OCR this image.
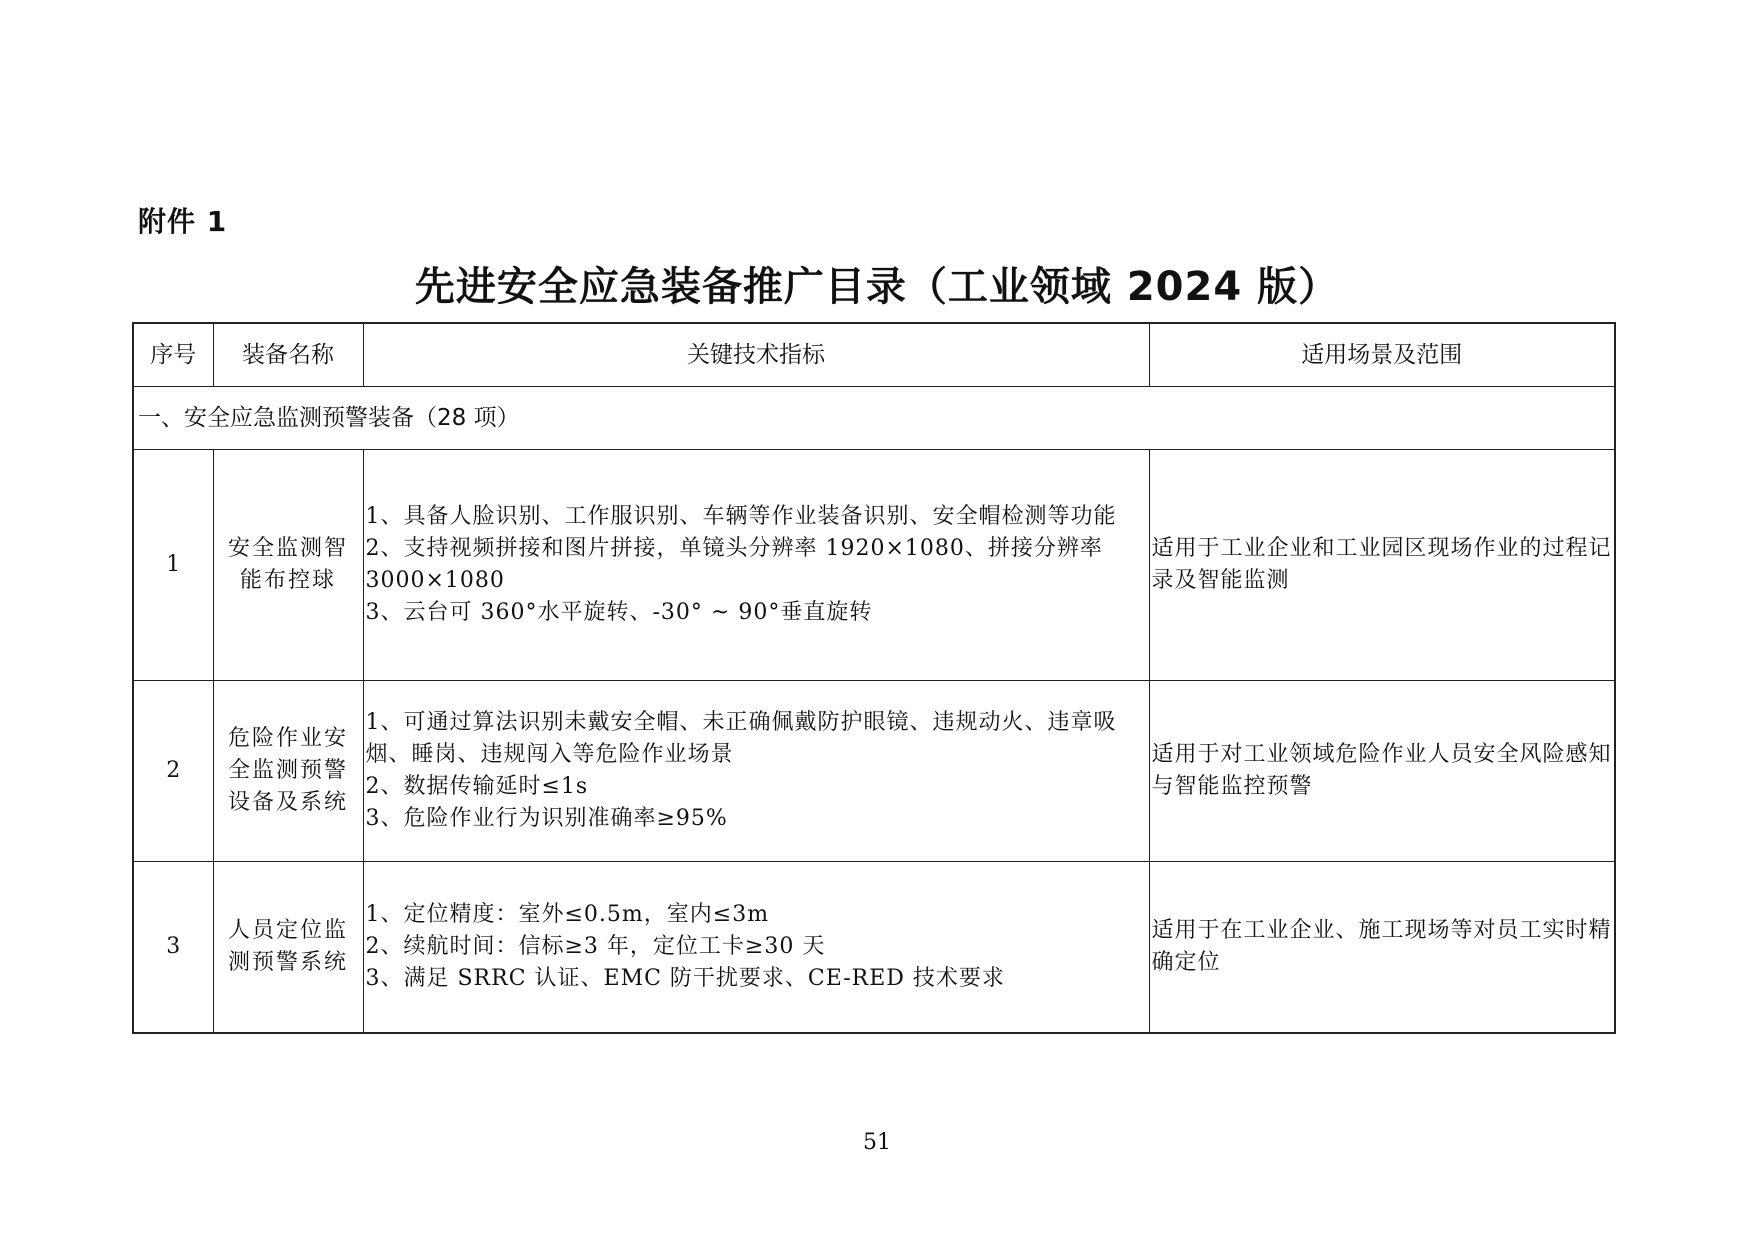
附件 1
先进安全应急装备推广目录（工业领域 2024 版）
序号	装备名称	关键技术指标	适用场景及范围
一、安全应急监测预警装备（28 项）			
1	安全监测智能布控球	1、具备人脸识别、工作服识别、车辆等作业装备识别、安全帽检测等功能
2、支持视频拼接和图片拼接，单镜头分辨率 1920×1080、拼接分辨率 3000×1080
3、云台可 360°水平旋转、-30° ~ 90°垂直旋转	适用于工业企业和工业园区现场作业的过程记录及智能监测
2	危险作业安全监测预警设备及系统	1、可通过算法识别未戴安全帽、未正确佩戴防护眼镜、违规动火、违章吸烟、睡岗、违规闯入等危险作业场景
2、数据传输延时≤1s
3、危险作业行为识别准确率≥95%	适用于对工业领域危险作业人员安全风险感知与智能监控预警
3	人员定位监测预警系统	1、定位精度：室外≤0.5m，室内≤3m
2、续航时间：信标≥3 年，定位工卡≥30 天
3、满足 SRRC 认证、EMC 防干扰要求、CE-RED 技术要求	适用于在工业企业、施工现场等对员工实时精确定位
51
